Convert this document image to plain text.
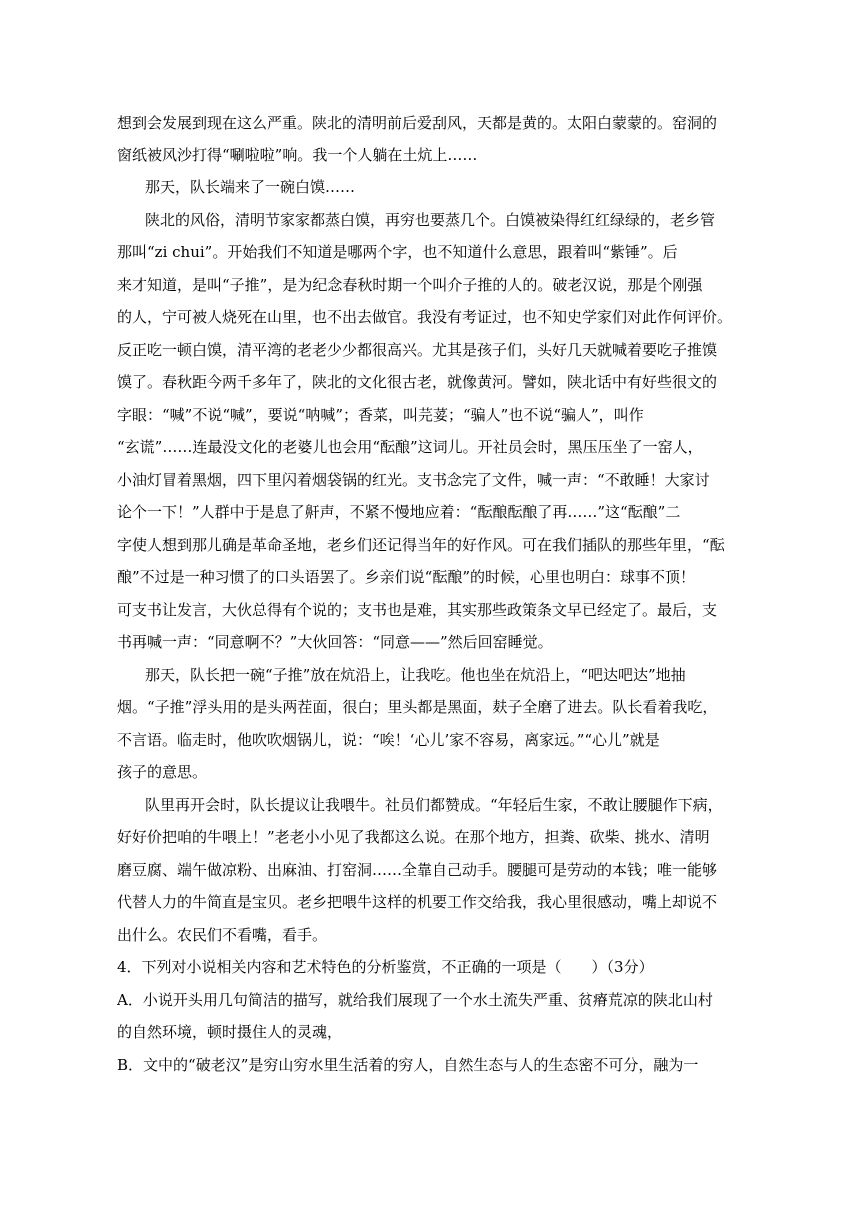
想到会发展到现在这么严重。陕北的清明前后爱刮风，天都是黄的。太阳白蒙蒙的。窑洞的
窗纸被风沙打得“唰啦啦”响。我一个人躺在土炕上……
那天，队长端来了一碗白馍……
陕北的风俗，清明节家家都蒸白馍，再穷也要蒸几个。白馍被染得红红绿绿的，老乡管
那叫“zi chui”。开始我们不知道是哪两个字，也不知道什么意思，跟着叫“紫锤”。后
来才知道，是叫“子推”，是为纪念春秋时期一个叫介子推的人的。破老汉说，那是个刚强
的人，宁可被人烧死在山里，也不出去做官。我没有考证过，也不知史学家们对此作何评价。
反正吃一顿白馍，清平湾的老老少少都很高兴。尤其是孩子们，头好几天就喊着要吃子推馍
馍了。春秋距今两千多年了，陕北的文化很古老，就像黄河。譬如，陕北话中有好些很文的
字眼：“喊”不说“喊”，要说“呐喊”；香菜，叫芫荽；“骗人”也不说“骗人”，叫作
“玄谎”……连最没文化的老婆儿也会用“酝酿”这词儿。开社员会时，黑压压坐了一窑人，
小油灯冒着黑烟，四下里闪着烟袋锅的红光。支书念完了文件，喊一声：“不敢睡！大家讨
论个一下！”人群中于是息了鼾声，不紧不慢地应着：“酝酿酝酿了再……”这“酝酿”二
字使人想到那儿确是革命圣地，老乡们还记得当年的好作风。可在我们插队的那些年里，“酝
酿”不过是一种习惯了的口头语罢了。乡亲们说“酝酿”的时候，心里也明白：球事不顶！
可支书让发言，大伙总得有个说的；支书也是难，其实那些政策条文早已经定了。最后，支
书再喊一声：“同意啊不？”大伙回答：“同意——”然后回窑睡觉。
那天，队长把一碗“子推”放在炕沿上，让我吃。他也坐在炕沿上，“吧达吧达”地抽
烟。“子推”浮头用的是头两茬面，很白；里头都是黑面，麸子全磨了进去。队长看着我吃，
不言语。临走时，他吹吹烟锅儿，说：“唉！‘心儿’家不容易，离家远。”“心儿”就是
孩子的意思。
队里再开会时，队长提议让我喂牛。社员们都赞成。“年轻后生家，不敢让腰腿作下病，
好好价把咱的牛喂上！”老老小小见了我都这么说。在那个地方，担粪、砍柴、挑水、清明
磨豆腐、端午做凉粉、出麻油、打窑洞……全靠自己动手。腰腿可是劳动的本钱；唯一能够
代替人力的牛简直是宝贝。老乡把喂牛这样的机要工作交给我，我心里很感动，嘴上却说不
出什么。农民们不看嘴，看手。
4．下列对小说相关内容和艺术特色的分析鉴赏，不正确的一项是（　　）（3分）
A．小说开头用几句简洁的描写，就给我们展现了一个水土流失严重、贫瘠荒凉的陕北山村
的自然环境，顿时摄住人的灵魂，
B．文中的“破老汉”是穷山穷水里生活着的穷人，自然生态与人的生态密不可分，融为一
